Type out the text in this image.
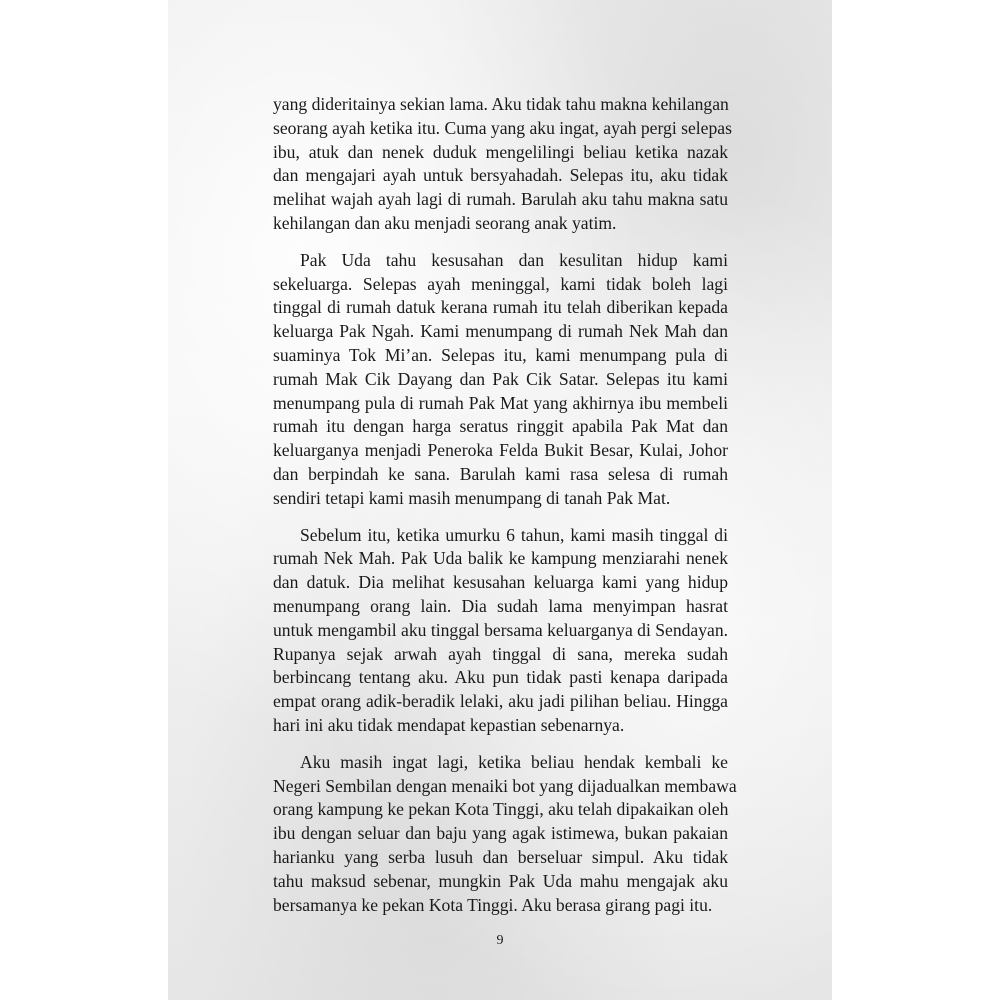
yang dideritainya sekian lama. Aku tidak tahu makna kehilangan
seorang ayah ketika itu. Cuma yang aku ingat, ayah pergi selepas
ibu, atuk dan nenek duduk mengelilingi beliau ketika nazak
dan mengajari ayah untuk bersyahadah. Selepas itu, aku tidak
melihat wajah ayah lagi di rumah. Barulah aku tahu makna satu
kehilangan dan aku menjadi seorang anak yatim.

Pak Uda tahu kesusahan dan kesulitan hidup kami
sekeluarga. Selepas ayah meninggal, kami tidak boleh lagi
tinggal di rumah datuk kerana rumah itu telah diberikan kepada
keluarga Pak Ngah. Kami menumpang di rumah Nek Mah dan
suaminya Tok Mi’an. Selepas itu, kami menumpang pula di
rumah Mak Cik Dayang dan Pak Cik Satar. Selepas itu kami
menumpang pula di rumah Pak Mat yang akhirnya ibu membeli
rumah itu dengan harga seratus ringgit apabila Pak Mat dan
keluarganya menjadi Peneroka Felda Bukit Besar, Kulai, Johor
dan berpindah ke sana. Barulah kami rasa selesa di rumah
sendiri tetapi kami masih menumpang di tanah Pak Mat.

Sebelum itu, ketika umurku 6 tahun, kami masih tinggal di
rumah Nek Mah. Pak Uda balik ke kampung menziarahi nenek
dan datuk. Dia melihat kesusahan keluarga kami yang hidup
menumpang orang lain. Dia sudah lama menyimpan hasrat
untuk mengambil aku tinggal bersama keluarganya di Sendayan.
Rupanya sejak arwah ayah tinggal di sana, mereka sudah
berbincang tentang aku. Aku pun tidak pasti kenapa daripada
empat orang adik-beradik lelaki, aku jadi pilihan beliau. Hingga
hari ini aku tidak mendapat kepastian sebenarnya.

Aku masih ingat lagi, ketika beliau hendak kembali ke
Negeri Sembilan dengan menaiki bot yang dijadualkan membawa
orang kampung ke pekan Kota Tinggi, aku telah dipakaikan oleh
ibu dengan seluar dan baju yang agak istimewa, bukan pakaian
harianku yang serba lusuh dan berseluar simpul. Aku tidak
tahu maksud sebenar, mungkin Pak Uda mahu mengajak aku
bersamanya ke pekan Kota Tinggi. Aku berasa girang pagi itu.

9
